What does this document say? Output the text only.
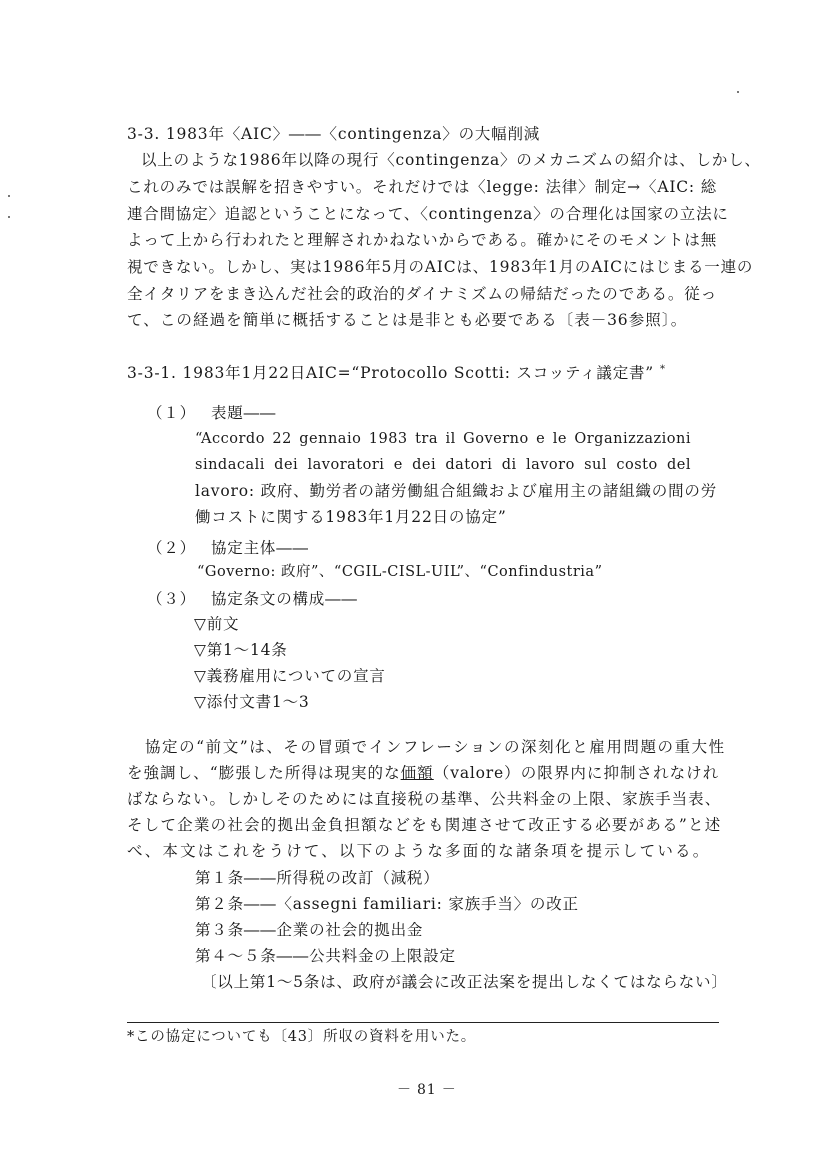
3-3. 1983年〈AIC〉――〈contingenza〉の大幅削減
以上のような1986年以降の現行〈contingenza〉のメカニズムの紹介は、しかし、
これのみでは誤解を招きやすい。それだけでは〈legge: 法律〉制定→〈AIC: 総
連合間協定〉追認ということになって、〈contingenza〉の合理化は国家の立法に
よって上から行われたと理解されかねないからである。確かにそのモメントは無
視できない。しかし、実は1986年5月のAICは、1983年1月のAICにはじまる一連の
全イタリアをまき込んだ社会的政治的ダイナミズムの帰結だったのである。従っ
て、この経過を簡単に概括することは是非とも必要である〔表－36参照〕。
3-3-1. 1983年1月22日AIC=“Protocollo Scotti: スコッティ議定書” *
（１） 表題――
“Accordo 22 gennaio 1983 tra il Governo e le Organizzazioni
sindacali dei lavoratori e dei datori di lavoro sul costo del
lavoro: 政府、勤労者の諸労働組合組織および雇用主の諸組織の間の労
働コストに関する1983年1月22日の協定”
（２） 協定主体――
“Governo: 政府”、“CGIL-CISL-UIL”、“Confindustria”
（３） 協定条文の構成――
▽前文
▽第1～14条
▽義務雇用についての宣言
▽添付文書1～3
協定の“前文”は、その冒頭でインフレーションの深刻化と雇用問題の重大性
を強調し、“膨張した所得は現実的な価額（valore）の限界内に抑制されなけれ
ばならない。しかしそのためには直接税の基準、公共料金の上限、家族手当表、
そして企業の社会的拠出金負担額などをも関連させて改正する必要がある”と述
べ、本文はこれをうけて、以下のような多面的な諸条項を提示している。
第１条――所得税の改訂（減税）
第２条――〈assegni familiari: 家族手当〉の改正
第３条――企業の社会的拠出金
第４～５条――公共料金の上限設定
〔以上第1～5条は、政府が議会に改正法案を提出しなくてはならない〕
*この協定についても〔43〕所収の資料を用いた。
－ 81 －
